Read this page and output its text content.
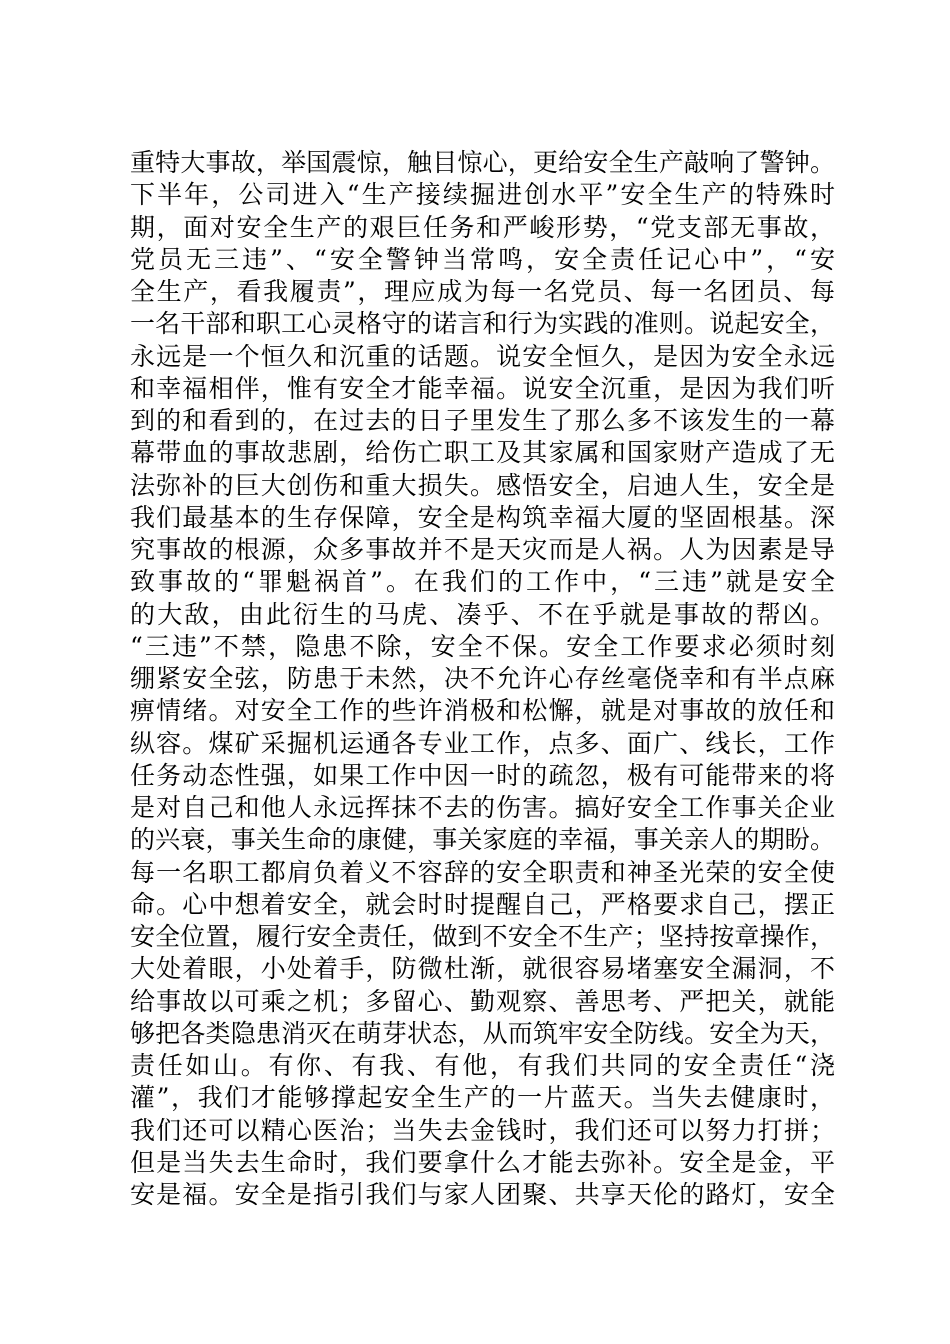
重特大事故，举国震惊，触目惊心，更给安全生产敲响了警钟。
下半年，公司进入“生产接续掘进创水平”安全生产的特殊时
期，面对安全生产的艰巨任务和严峻形势，“党支部无事故，
党员无三违”、“安全警钟当常鸣，安全责任记心中”，“安
全生产，看我履责”，理应成为每一名党员、每一名团员、每
一名干部和职工心灵格守的诺言和行为实践的准则。说起安全，
永远是一个恒久和沉重的话题。说安全恒久，是因为安全永远
和幸福相伴，惟有安全才能幸福。说安全沉重，是因为我们听
到的和看到的，在过去的日子里发生了那么多不该发生的一幕
幕带血的事故悲剧，给伤亡职工及其家属和国家财产造成了无
法弥补的巨大创伤和重大损失。感悟安全，启迪人生，安全是
我们最基本的生存保障，安全是构筑幸福大厦的坚固根基。深
究事故的根源，众多事故并不是天灾而是人祸。人为因素是导
致事故的“罪魁祸首”。在我们的工作中，“三违”就是安全
的大敌，由此衍生的马虎、凑乎、不在乎就是事故的帮凶。
“三违”不禁，隐患不除，安全不保。安全工作要求必须时刻
绷紧安全弦，防患于未然，决不允许心存丝毫侥幸和有半点麻
痹情绪。对安全工作的些许消极和松懈，就是对事故的放任和
纵容。煤矿采掘机运通各专业工作，点多、面广、线长，工作
任务动态性强，如果工作中因一时的疏忽，极有可能带来的将
是对自己和他人永远挥抹不去的伤害。搞好安全工作事关企业
的兴衰，事关生命的康健，事关家庭的幸福，事关亲人的期盼。
每一名职工都肩负着义不容辞的安全职责和神圣光荣的安全使
命。心中想着安全，就会时时提醒自己，严格要求自己，摆正
安全位置，履行安全责任，做到不安全不生产；坚持按章操作，
大处着眼，小处着手，防微杜渐，就很容易堵塞安全漏洞，不
给事故以可乘之机；多留心、勤观察、善思考、严把关，就能
够把各类隐患消灭在萌芽状态，从而筑牢安全防线。安全为天，
责任如山。有你、有我、有他，有我们共同的安全责任“浇
灌”，我们才能够撑起安全生产的一片蓝天。当失去健康时，
我们还可以精心医治；当失去金钱时，我们还可以努力打拼；
但是当失去生命时，我们要拿什么才能去弥补。安全是金，平
安是福。安全是指引我们与家人团聚、共享天伦的路灯，安全
